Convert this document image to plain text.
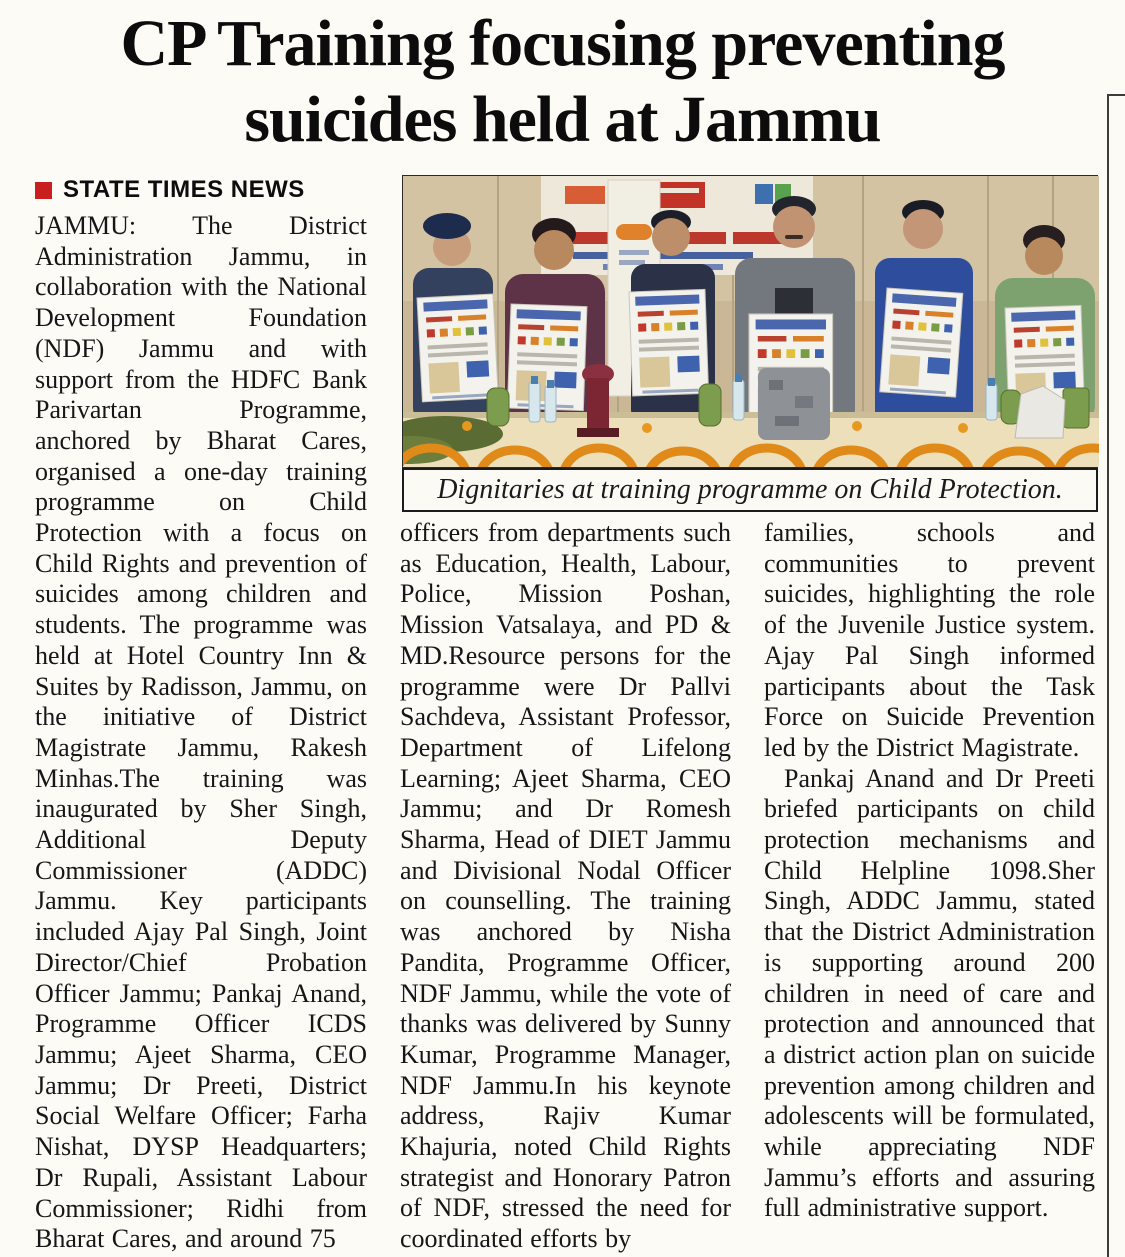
CP Training focusing preventing
suicides held at Jammu
STATE TIMES NEWS
JAMMU: The District Administration Jammu, in collaboration with the National Development Foundation (NDF) Jammu and with support from the HDFC Bank Parivartan Programme, anchored by Bharat Cares, organised a one-day training programme on Child Protection with a focus on Child Rights and prevention of suicides among children and students. The programme was held at Hotel Country Inn & Suites by Radisson, Jammu, on the initiative of District Magistrate Jammu, Rakesh Minhas.The training was inaugurated by Sher Singh, Additional Deputy Commissioner (ADDC) Jammu. Key participants included Ajay Pal Singh, Joint Director/Chief Probation Officer Jammu; Pankaj Anand, Programme Officer ICDS Jammu; Ajeet Sharma, CEO Jammu; Dr Preeti, District Social Welfare Officer; Farha Nishat, DYSP Headquarters; Dr Rupali, Assistant Labour Commissioner; Ridhi from Bharat Cares, and around 75
Dignitaries at training programme on Child Protection.
officers from departments such as Education, Health, Labour, Police, Mission Poshan, Mission Vatsalaya, and PD & MD.Resource persons for the programme were Dr Pallvi Sachdeva, Assistant Professor, Department of Lifelong Learning; Ajeet Sharma, CEO Jammu; and Dr Romesh Sharma, Head of DIET Jammu and Divisional Nodal Officer on counselling. The training was anchored by Nisha Pandita, Programme Officer, NDF Jammu, while the vote of thanks was delivered by Sunny Kumar, Programme Manager, NDF Jammu.In his keynote address, Rajiv Kumar Khajuria, noted Child Rights strategist and Honorary Patron of NDF, stressed the need for coordinated efforts by

families, schools and communities to prevent suicides, highlighting the role of the Juvenile Justice system. Ajay Pal Singh informed participants about the Task Force on Suicide Prevention led by the District Magistrate.

Pankaj Anand and Dr Preeti briefed participants on child protection mechanisms and Child Helpline 1098.Sher Singh, ADDC Jammu, stated that the District Administration is supporting around 200 children in need of care and protection and announced that a district action plan on suicide prevention among children and adolescents will be formulated, while appreciating NDF Jammu’s efforts and assuring full administrative support.
